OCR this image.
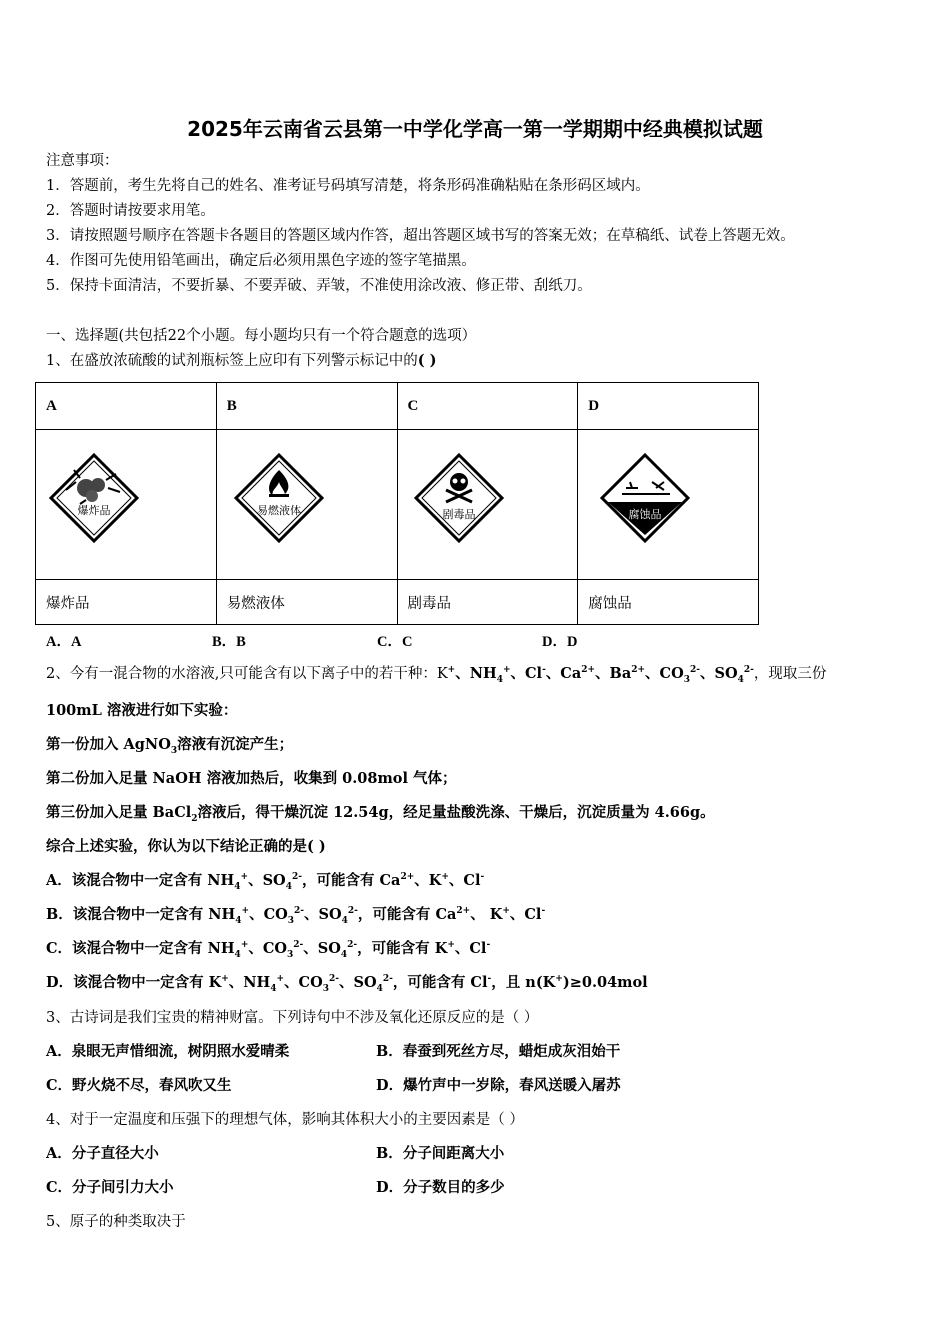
2025年云南省云县第一中学化学高一第一学期期中经典模拟试题
注意事项：
1．答题前，考生先将自己的姓名、准考证号码填写清楚，将条形码准确粘贴在条形码区域内。
2．答题时请按要求用笔。
3．请按照题号顺序在答题卡各题目的答题区域内作答，超出答题区域书写的答案无效；在草稿纸、试卷上答题无效。
4．作图可先使用铅笔画出，确定后必须用黑色字迹的签字笔描黑。
5．保持卡面清洁，不要折暴、不要弄破、弄皱，不准使用涂改液、修正带、刮纸刀。
一、选择题(共包括22个小题。每小题均只有一个符合题意的选项）
1、在盛放浓硫酸的试剂瓶标签上应印有下列警示标记中的( )
A	B	C	D

爆炸品	易燃液体	剧毒品	腐蚀品

爆炸品	易燃液体	剧毒品	腐蚀品
A．A	B．B	C．C	D．D
2、今有一混合物的水溶液,只可能含有以下离子中的若干种：K+、$NH_4^+$、Cl-、$Ca^{2+}$、$Ba^{2+}$、$CO_3^{2-}$、$SO_4^{2-}$，现取三份
100mL 溶液进行如下实验：
第一份加入 AgNO$_3$溶液有沉淀产生；
第二份加入足量 NaOH 溶液加热后，收集到 0.08mol 气体；
第三份加入足量 BaCl$_2$溶液后，得干燥沉淀 12.54g，经足量盐酸洗涤、干燥后，沉淀质量为 4.66g。
综合上述实验，你认为以下结论正确的是( )
A．该混合物中一定含有 $NH_4^+$、$SO_4^{2-}$，可能含有 $Ca^{2+}$、K+、Cl-
B．该混合物中一定含有 $NH_4^+$、$CO_3^{2-}$、$SO_4^{2-}$，可能含有 $Ca^{2+}$、 K+、Cl-
C．该混合物中一定含有 $NH_4^+$、$CO_3^{2-}$、$SO_4^{2-}$，可能含有 K+、Cl-
D．该混合物中一定含有 K+、$NH_4^+$、$CO_3^{2-}$、$SO_4^{2-}$，可能含有 Cl-，且 n(K+)≥0.04mol
3、古诗词是我们宝贵的精神财富。下列诗句中不涉及氧化还原反应的是（ ）
A．泉眼无声惜细流，树阴照水爱晴柔	B．春蚕到死丝方尽，蜡炬成灰泪始干
C．野火烧不尽，春风吹又生	D．爆竹声中一岁除，春风送暖入屠苏
4、对于一定温度和压强下的理想气体，影响其体积大小的主要因素是（ ）
A．分子直径大小	B．分子间距离大小
C．分子间引力大小	D．分子数目的多少
5、原子的种类取决于
